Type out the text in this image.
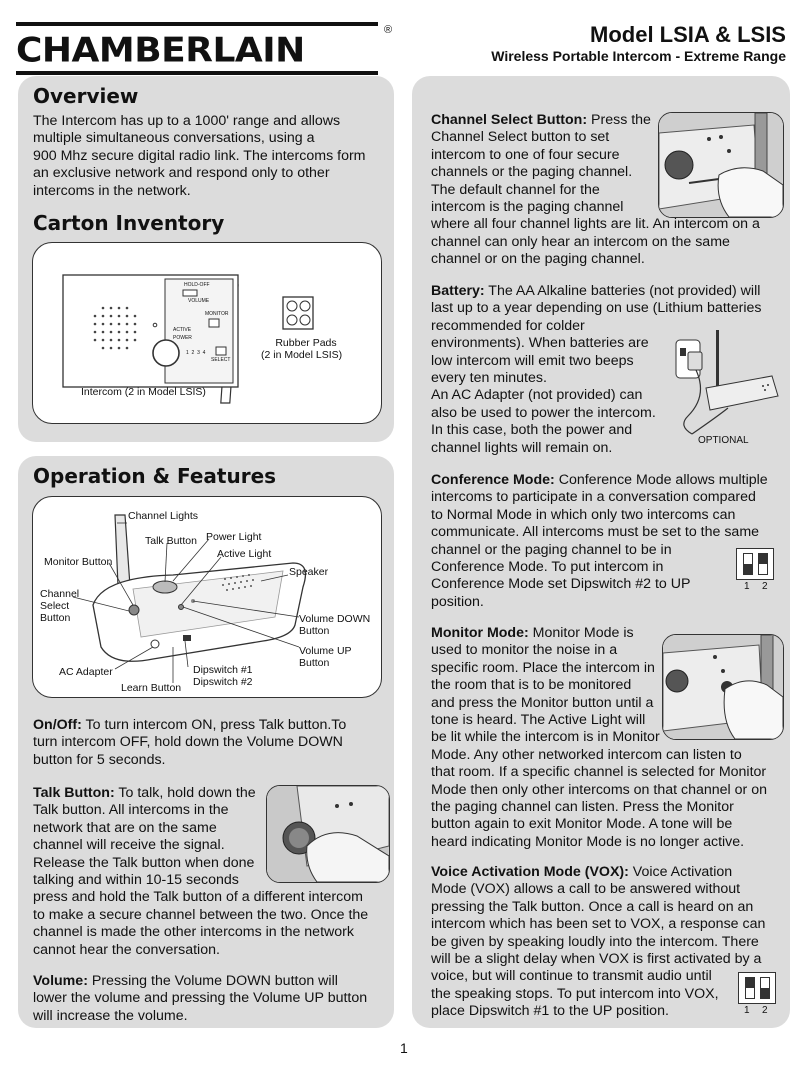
CHAMBERLAIN
®	Model LSIA & LSIS
Wireless Portable Intercom - Extreme Range
Overview
The Intercom has up to a 1000' range and allows
multiple simultaneous conversations, using a
900 Mhz secure digital radio link. The intercoms form
an exclusive network and respond only to other
intercoms in the network.
Carton Inventory
HOLD-OFF
VOLUME
MONITOR
ACTIVE
POWER
1  2  3  4
SELECT
Intercom (2 in Model LSIS)
Rubber Pads
(2 in Model LSIS)
Operation & Features
Channel Lights
Talk Button Power Light
Active Light
Monitor Button
Speaker
Channel
Select
Button	Volume DOWN
Button
Volume UP
Button
AC Adapter	Dipswitch #1
Dipswitch #2
Learn Button
On/Off: To turn intercom ON, press Talk button.To
turn intercom OFF, hold down the Volume DOWN
button for 5 seconds.
Talk Button: To talk, hold down the
Talk button. All intercoms in the
network that are on the same
channel will receive the signal.
Release the Talk button when done
talking and within 10-15 seconds
press and hold the Talk button of a different intercom
to make a secure channel between the two. Once the
channel is made the other intercoms in the network
cannot hear the conversation.
Volume: Pressing the Volume DOWN button will
lower the volume and pressing the Volume UP button
will increase the volume.
Channel Select Button: Press the
Channel Select button to set
intercom to one of four secure
channels or the paging channel.
The default channel for the
intercom is the paging channel
where all four channel lights are lit. An intercom on a
channel can only hear an intercom on the same
channel or on the paging channel.
OPTIONAL
Battery: The AA Alkaline batteries (not provided) will
last up to a year depending on use (Lithium batteries
recommended for colder
environments). When batteries are
low intercom will emit two beeps
every ten minutes.
An AC Adapter (not provided) can
also be used to power the intercom.
In this case, both the power and
channel lights will remain on.
1 2
Conference Mode: Conference Mode allows multiple
intercoms to participate in a conversation compared
to Normal Mode in which only two intercoms can
communicate. All intercoms must be set to the same
channel or the paging channel to be in
Conference Mode. To put intercom in
Conference Mode set Dipswitch #2 to UP
position.
Monitor Mode: Monitor Mode is
used to monitor the noise in a
specific room. Place the intercom in
the room that is to be monitored
and press the Monitor button until a
tone is heard. The Active Light will
be lit while the intercom is in Monitor
Mode. Any other networked intercom can listen to
that room. If a specific channel is selected for Monitor
Mode then only other intercoms on that channel or on
the paging channel can listen. Press the Monitor
button again to exit Monitor Mode. A tone will be
heard indicating Monitor Mode is no longer active.
1 2
Voice Activation Mode (VOX): Voice Activation
Mode (VOX) allows a call to be answered without
pressing the Talk button. Once a call is heard on an
intercom which has been set to VOX, a response can
be given by speaking loudly into the intercom. There
will be a slight delay when VOX is first activated by a
voice, but will continue to transmit audio until
the speaking stops. To put intercom into VOX,
place Dipswitch #1 to the UP position.
1
